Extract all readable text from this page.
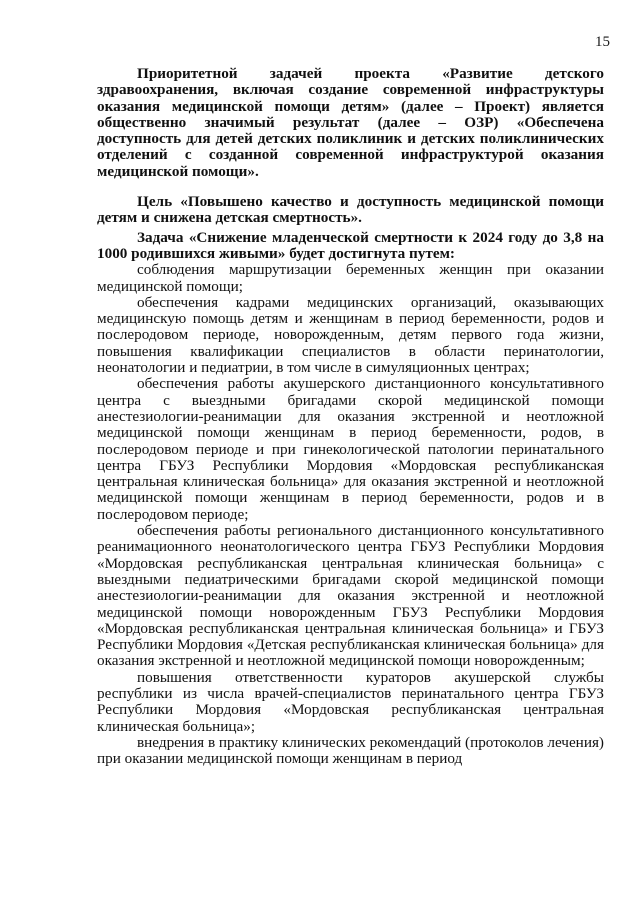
15

Приоритетной задачей проекта «Развитие детского здравоохранения, включая создание современной инфраструктуры оказания медицинской помощи детям» (далее – Проект) является общественно значимый результат (далее – ОЗР) «Обеспечена доступность для детей детских поликлиник и детских поликлинических отделений с созданной современной инфраструктурой оказания медицинской помощи».

Цель «Повышено качество и доступность медицинской помощи детям и снижена детская смертность».

Задача «Снижение младенческой смертности к 2024 году до 3,8 на 1000 родившихся живыми» будет достигнута путем:

соблюдения маршрутизации беременных женщин при оказании медицинской помощи;

обеспечения кадрами медицинских организаций, оказывающих медицинскую помощь детям и женщинам в период беременности, родов и послеродовом периоде, новорожденным, детям первого года жизни, повышения квалификации специалистов в области перинатологии, неонатологии и педиатрии, в том числе в симуляционных центрах;

обеспечения работы акушерского дистанционного консультативного центра с выездными бригадами скорой медицинской помощи анестезиологии-реанимации для оказания экстренной и неотложной медицинской помощи женщинам в период беременности, родов, в послеродовом периоде и при гинекологической патологии перинатального центра ГБУЗ Республики Мордовия «Мордовская республиканская центральная клиническая больница» для оказания экстренной и неотложной медицинской помощи женщинам в период беременности, родов и в послеродовом периоде;

обеспечения работы регионального дистанционного консультативного реанимационного неонатологического центра ГБУЗ Республики Мордовия «Мордовская республиканская центральная клиническая больница» с выездными педиатрическими бригадами скорой медицинской помощи анестезиологии-реанимации для оказания экстренной и неотложной медицинской помощи новорожденным ГБУЗ Республики Мордовия «Мордовская республиканская центральная клиническая больница» и ГБУЗ Республики Мордовия «Детская республиканская клиническая больница» для оказания экстренной и неотложной медицинской помощи новорожденным;

повышения ответственности кураторов акушерской службы республики из числа врачей-специалистов перинатального центра ГБУЗ Республики Мордовия «Мордовская республиканская центральная клиническая больница»;

внедрения в практику клинических рекомендаций (протоколов лечения) при оказании медицинской помощи женщинам в период
